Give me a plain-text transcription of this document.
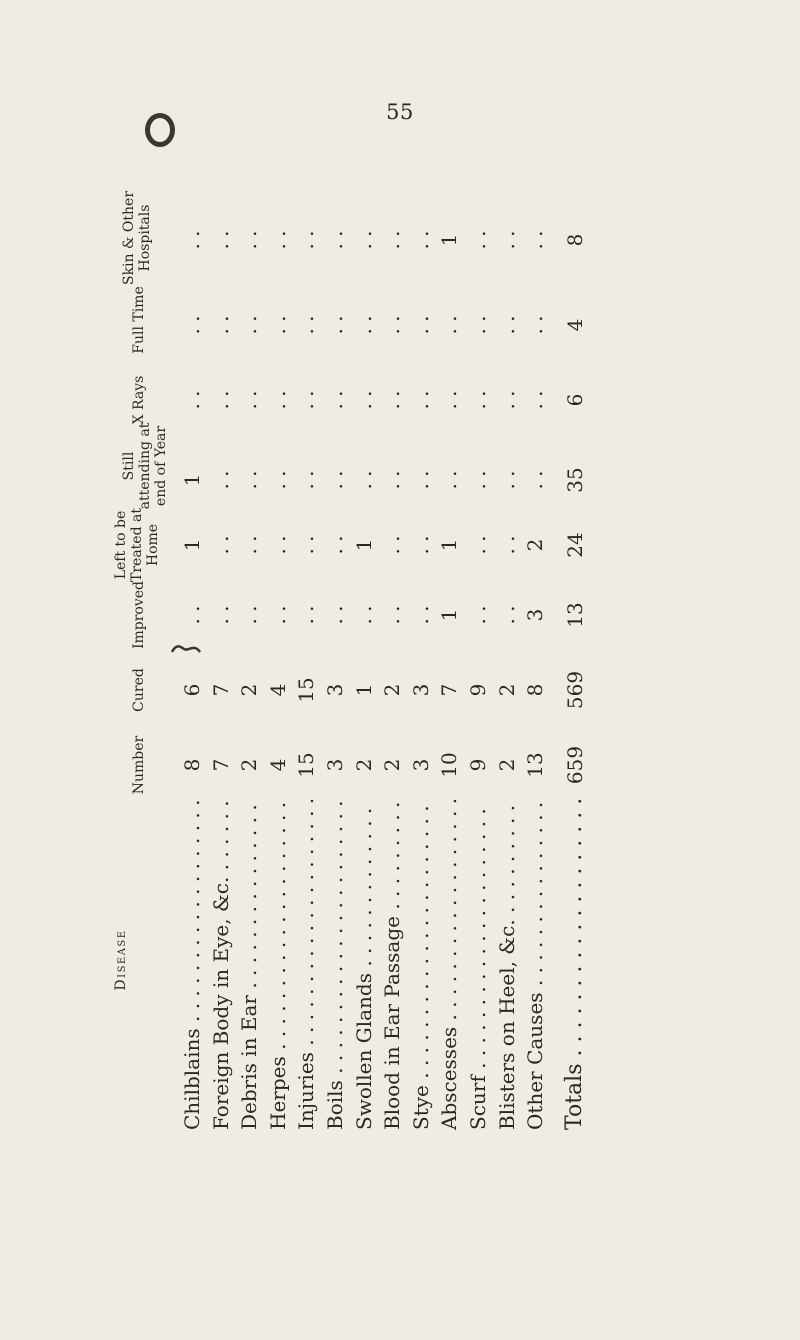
55
Disease
Number
Cured
Improved
Left to be Treated at Home
Still attending at end of Year
X Rays
Full Time
Skin & Other Hospitals
Chilblains . . .
8
6
. .
1
1
. .
. .
. .
Foreign Body in Eye, &c. . . .
7
7
. .
. .
. .
. .
. .
. .
Debris in Ear . . .
2
2
. .
. .
. .
. .
. .
. .
Herpes . . .
4
4
. .
. .
. .
. .
. .
. .
Injuries . . .
15
15
. .
. .
. .
. .
. .
. .
Boils . . .
3
3
. .
. .
. .
. .
. .
. .
Swollen Glands . . .
2
1
. .
1
. .
. .
. .
. .
Blood in Ear Passage . . .
2
2
. .
. .
. .
. .
. .
. .
Stye . . .
3
3
. .
. .
. .
. .
. .
. .
Abscesses . . .
10
7
1
1
. .
. .
. .
1
Scurf . . .
9
9
. .
. .
. .
. .
. .
. .
Blisters on Heel, &c. . . .
2
2
. .
. .
. .
. .
. .
. .
Other Causes . . .
13
8
3
2
. .
. .
. .
. .
Totals . . .
659
569
13
24
35
6
4
8
